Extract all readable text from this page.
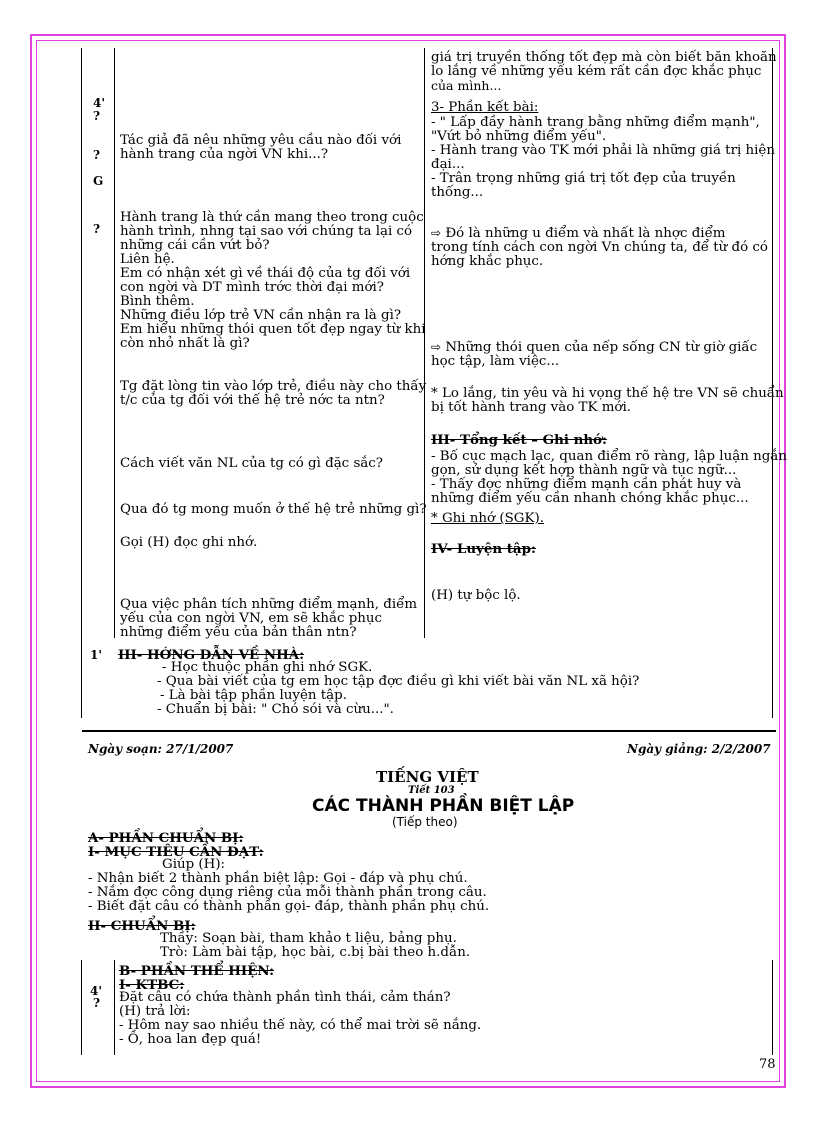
4'
?
?
G
?
1'
Tác giả đã nêu những yêu cầu nào đối với
hành trang của ngời VN khi...?
Hành trang là thứ cần mang theo trong cuộc
hành trình, nhng tại sao với chúng ta lại có
những cái cần vứt bỏ?
Liên hệ.
Em có nhận xét gì về thái độ của tg đối với
con ngời và DT mình trớc thời đại mới?
Bình thêm.
Những điều lớp trẻ VN cần nhận ra là gì?
Em hiểu những thói quen tốt đẹp ngay từ khi
còn nhỏ nhất là gì?
Tg đặt lòng tin vào lớp trẻ, điều này cho thấy
t/c của tg đối với thế hệ trẻ nớc ta ntn?
Cách viết văn NL của tg có gì đặc sắc?
Qua đó tg mong muốn ở thế hệ trẻ những gì?
Gọi (H) đọc ghi nhớ.
Qua việc phân tích những điểm mạnh, điểm
yếu của con ngời VN, em sẽ khắc phục
những điểm yếu của bản thân ntn?
giá trị truyền thống tốt đẹp mà còn biết băn khoăn
lo lắng về những yếu kém rất cần đợc khắc phục
của mình...
3- Phần kết bài:
- " Lấp đầy hành trang bằng những điểm mạnh",
"Vứt bỏ những điểm yếu".
- Hành trang vào TK mới phải là những giá trị hiện
đại...
- Trân trọng những giá trị tốt đẹp của truyền
thống...
⇨ Đó là những u điểm và nhất là nhợc điểm
trong tính cách con ngời Vn chúng ta, để từ đó có
hớng khắc phục.
⇨ Những thói quen của nếp sống CN từ giờ giấc
học tập, làm việc...
* Lo lắng, tin yêu và hi vọng thế hệ tre VN sẽ chuẩn
bị tốt hành trang vào TK mới.
III- Tổng kết – Ghi nhớ:
- Bố cục mạch lạc, quan điểm rõ ràng, lập luận ngắn
gọn, sử dụng kết hợp thành ngữ và tục ngữ...
- Thấy đợc những điểm mạnh cần phát huy và
những điểm yếu cần nhanh chóng khắc phục...
* Ghi nhớ (SGK).
IV- Luyện tập:
(H) tự bộc lộ.
III- HỚNG DẪN VỀ NHÀ:
- Học thuộc phần ghi nhớ SGK.
- Qua bài viết của tg em học tập đợc điều gì khi viết bài văn NL xã hội?
- Là bài tập phần luyện tập.
- Chuẩn bị bài: " Chó sói và cừu...".
Ngày soạn: 27/1/2007	Ngày giảng: 2/2/2007
TIẾNG VIỆT
Tiết 103
CÁC THÀNH PHẦN BIỆT LẬP
(Tiếp theo)
A- PHẦN CHUẨN BỊ:
I- MỤC TIÊU CẦN ĐẠT:
Giúp (H):
- Nhận biết 2 thành phần biệt lập: Gọi - đáp và phụ chú.
- Nắm đợc công dụng riêng của mỗi thành phần trong câu.
- Biết đặt câu có thành phần gọi- đáp, thành phần phụ chú.
II- CHUẨN BỊ:
Thầy: Soạn bài, tham khảo t liệu, bảng phụ.
Trò: Làm bài tập, học bài, c.bị bài theo h.dẫn.
4'
?
B- PHẦN THỂ HIỆN:
I- KTBC:
Đặt câu có chứa thành phần tình thái, cảm thán?
(H) trả lời:
- Hôm nay sao nhiều thế này, có thể mai trời sẽ nắng.
- Ồ, hoa lan đẹp quá!
78
